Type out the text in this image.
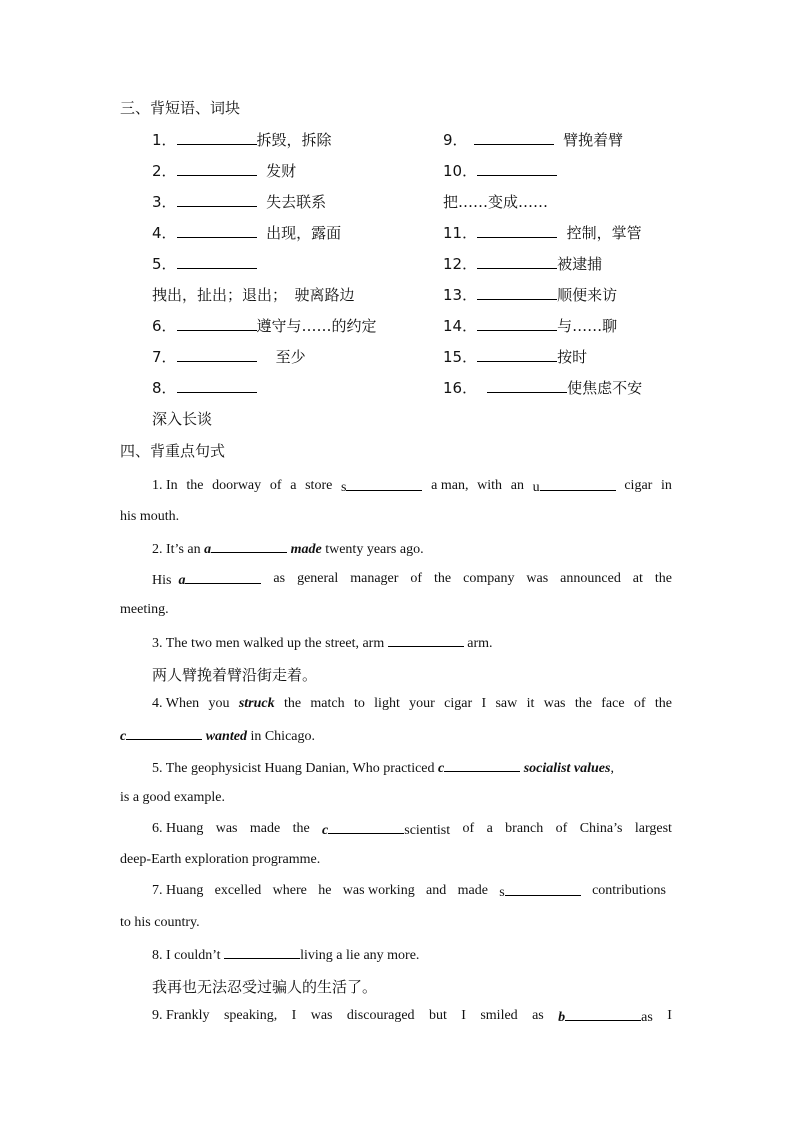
三、背短语、词块
1．	拆毁，拆除
2．	发财
3．	失去联系
4．	出现，露面
5．
拽出，扯出；退出；　驶离路边
6．	遵守与……的约定
7．	至少
8．
深入长谈
9．	臂挽着臂
10．
把……变成……
11．	控制，掌管
12．	被逮捕
13．	顺便来访
14．	与……聊
15．	按时
16．	使焦虑不安
四、背重点句式
1. In the doorway of a store s	a man, with an u	cigar in
his mouth.
2. It’s an a	made twenty years ago.
His a	as general manager of the company was announced at the
meeting.
3. The two men walked up the street, arm	arm.
两人臂挽着臂沿街走着。
4. When you struck the match to light your cigar I saw it was the face of the
c	wanted in Chicago.
5. The geophysicist Huang Danian, Who practiced c	socialist values,
is a good example.
6. Huang was made the c	scientist of a branch of China’s largest
deep-Earth exploration programme.
7. Huang excelled where he was working and made s	contributions
to his country.
8. I couldn’t	living a lie any more.
我再也无法忍受过骗人的生活了。
9. Frankly speaking, I was discouraged but I smiled as b	as I
